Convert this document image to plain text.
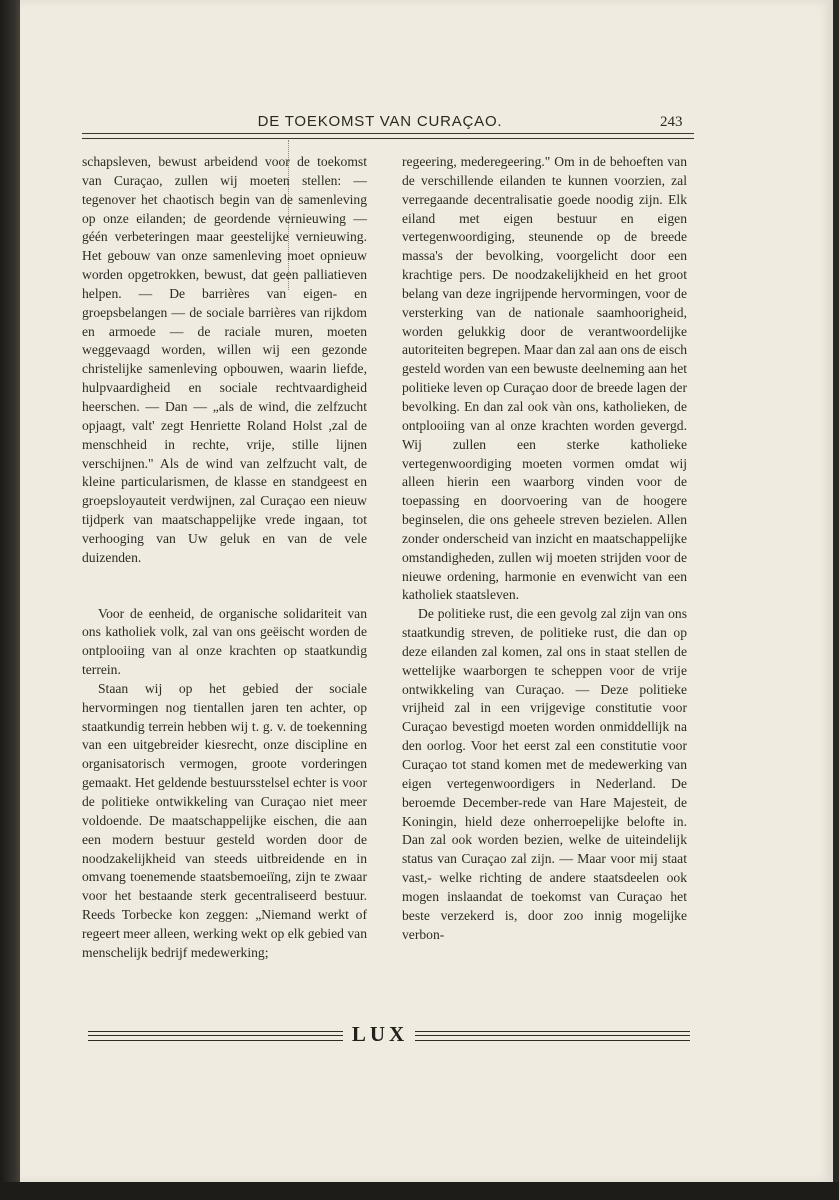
DE TOEKOMST VAN CURAÇAO.	243

schapsleven, bewust arbeidend voor de toekomst van Curaçao, zullen wij moeten stellen: — tegenover het chaotisch begin van de samenleving op onze eilanden; de geordende vernieuwing — géén verbeteringen maar geestelijke vernieuwing. Het gebouw van onze samenleving moet opnieuw worden opgetrokken, bewust, dat geen palliatieven helpen. — De barrières van eigen- en groepsbelangen — de sociale barrières van rijkdom en armoede — de raciale muren, moeten weggevaagd worden, willen wij een gezonde christelijke samenleving opbouwen, waarin liefde, hulpvaardigheid en sociale rechtvaardigheid heerschen. — Dan — „als de wind, die zelfzucht opjaagt, valt' zegt Henriette Roland Holst ,zal de menschheid in rechte, vrije, stille lijnen verschijnen." Als de wind van zelfzucht valt, de kleine particularismen, de klasse en standgeest en groepsloyauteit verdwijnen, zal Curaçao een nieuw tijdperk van maatschappelijke vrede ingaan, tot verhooging van Uw geluk en van de vele duizenden.

Voor de eenheid, de organische solidariteit van ons katholiek volk, zal van ons geëischt worden de ontplooiing van al onze krachten op staatkundig terrein.

Staan wij op het gebied der sociale hervormingen nog tientallen jaren ten achter, op staatkundig terrein hebben wij t. g. v. de toekenning van een uitgebreider kiesrecht, onze discipline en organisatorisch vermogen, groote vorderingen gemaakt. Het geldende bestuursstelsel echter is voor de politieke ontwikkeling van Curaçao niet meer voldoende. De maatschappelijke eischen, die aan een modern bestuur gesteld worden door de noodzakelijkheid van steeds uitbreidende en in omvang toenemende staatsbemoeiïng, zijn te zwaar voor het bestaande sterk gecentraliseerd bestuur. Reeds Torbecke kon zeggen: „Niemand werkt of regeert meer alleen, werking wekt op elk gebied van menschelijk bedrijf medewerking;

regeering, mederegeering." Om in de behoeften van de verschillende eilanden te kunnen voorzien, zal verregaande decentralisatie goede noodig zijn. Elk eiland met eigen bestuur en eigen vertegenwoordiging, steunende op de breede massa's der bevolking, voorgelicht door een krachtige pers. De noodzakelijkheid en het groot belang van deze ingrijpende hervormingen, voor de versterking van de nationale saamhoorigheid, worden gelukkig door de verantwoordelijke autoriteiten begrepen. Maar dan zal aan ons de eisch gesteld worden van een bewuste deelneming aan het politieke leven op Curaçao door de breede lagen der bevolking. En dan zal ook vàn ons, katholieken, de ontplooiing van al onze krachten worden gevergd. Wij zullen een sterke katholieke vertegenwoordiging moeten vormen omdat wij alleen hierin een waarborg vinden voor de toepassing en doorvoering van de hoogere beginselen, die ons geheele streven bezielen. Allen zonder onderscheid van inzicht en maatschappelijke omstandigheden, zullen wij moeten strijden voor de nieuwe ordening, harmonie en evenwicht van een katholiek staatsleven.

De politieke rust, die een gevolg zal zijn van ons staatkundig streven, de politieke rust, die dan op deze eilanden zal komen, zal ons in staat stellen de wettelijke waarborgen te scheppen voor de vrije ontwikkeling van Curaçao. — Deze politieke vrijheid zal in een vrijgevige constitutie voor Curaçao bevestigd moeten worden onmiddellijk na den oorlog. Voor het eerst zal een constitutie voor Curaçao tot stand komen met de medewerking van eigen vertegenwoordigers in Nederland. De beroemde December-rede van Hare Majesteit, de Koningin, hield deze onherroepelijke belofte in. Dan zal ook worden bezien, welke de uiteindelijk status van Curaçao zal zijn. — Maar voor mij staat vast,- welke richting de andere staatsdeelen ook mogen inslaandat de toekomst van Curaçao het beste verzekerd is, door zoo innig mogelijke verbon-

LUX
